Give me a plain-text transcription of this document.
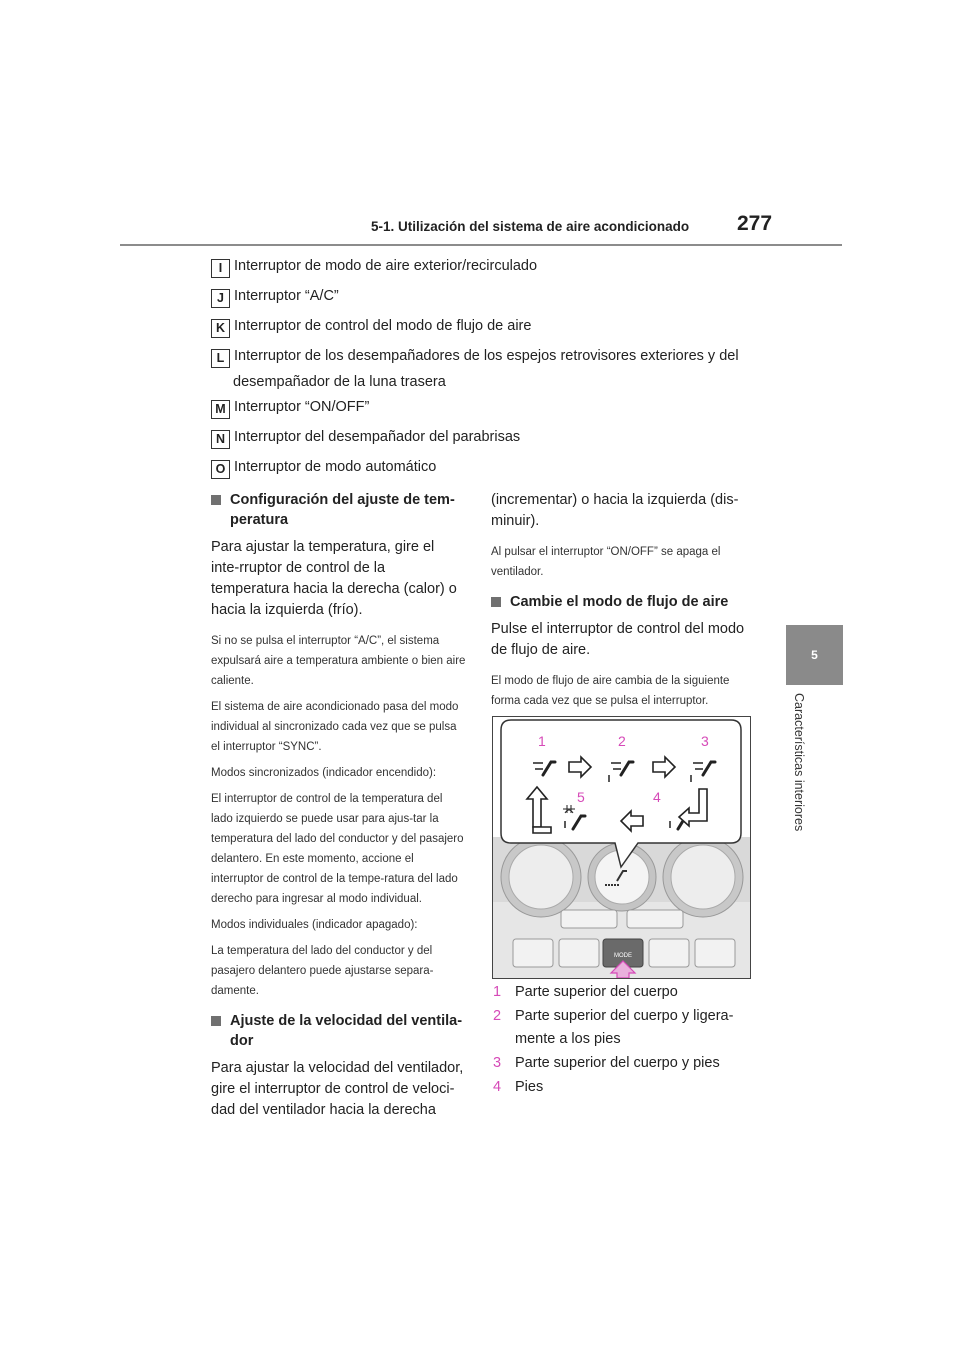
5-1. Utilización del sistema de aire acondicionado 277
5
Características interiores
I Interruptor de modo de aire exterior/recirculado
J Interruptor “A/C”
K Interruptor de control del modo de flujo de aire
L Interruptor de los desempañadores de los espejos retrovisores exteriores y del
desempañador de la luna trasera
M Interruptor “ON/OFF”
N Interruptor del desempañador del parabrisas
O Interruptor de modo automático
Configuración del ajuste de tem-peratura

Para ajustar la temperatura, gire el inte-rruptor de control de la temperatura hacia la derecha (calor) o hacia la izquierda (frío).

Si no se pulsa el interruptor “A/C”, el sistema expulsará aire a temperatura ambiente o bien aire caliente.

El sistema de aire acondicionado pasa del modo individual al sincronizado cada vez que se pulsa el interruptor “SYNC”.

Modos sincronizados (indicador encendido):

El interruptor de control de la temperatura del lado izquierdo se puede usar para ajus-tar la temperatura del lado del conductor y del pasajero delantero. En este momento, accione el interruptor de control de la tempe-ratura del lado derecho para ingresar al modo individual.

Modos individuales (indicador apagado):

La temperatura del lado del conductor y del pasajero delantero puede ajustarse separa-damente.

Ajuste de la velocidad del ventila-dor

Para ajustar la velocidad del ventilador, gire el interruptor de control de veloci-dad del ventilador hacia la derecha

(incrementar) o hacia la izquierda (dis-minuir).

Al pulsar el interruptor “ON/OFF” se apaga el ventilador.

Cambie el modo de flujo de aire

Pulse el interruptor de control del modo de flujo de aire.

El modo de flujo de aire cambia de la siguiente forma cada vez que se pulsa el interruptor.

MODE
1	2	3
4
5
1 Parte superior del cuerpo
2 Parte superior del cuerpo y ligera-
mente a los pies
3 Parte superior del cuerpo y pies
4 Pies
